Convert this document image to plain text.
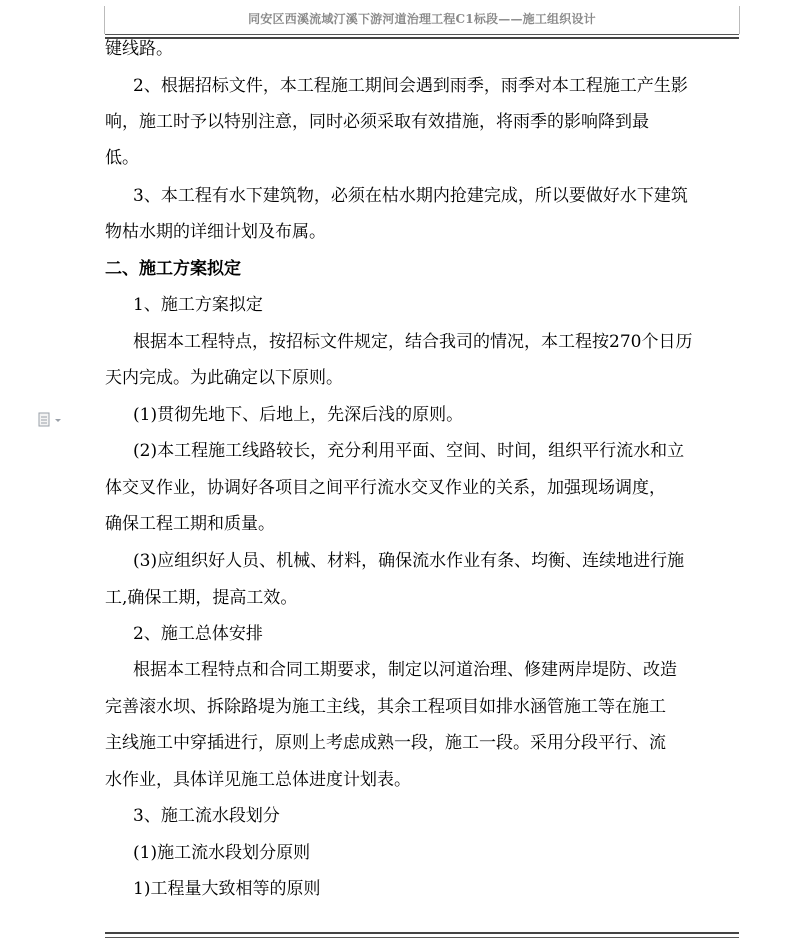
同安区西溪流域汀溪下游河道治理工程C1标段——施工组织设计
键线路。
2、根据招标文件，本工程施工期间会遇到雨季，雨季对本工程施工产生影
响，施工时予以特别注意，同时必须采取有效措施，将雨季的影响降到最
低。
3、本工程有水下建筑物，必须在枯水期内抢建完成，所以要做好水下建筑
物枯水期的详细计划及布属。
二、施工方案拟定
1、施工方案拟定
根据本工程特点，按招标文件规定，结合我司的情况，本工程按270个日历
天内完成。为此确定以下原则。
(1)贯彻先地下、后地上，先深后浅的原则。
(2)本工程施工线路较长，充分利用平面、空间、时间，组织平行流水和立
体交叉作业，协调好各项目之间平行流水交叉作业的关系，加强现场调度，
确保工程工期和质量。
(3)应组织好人员、机械、材料，确保流水作业有条、均衡、连续地进行施
工,确保工期，提高工效。
2、施工总体安排
根据本工程特点和合同工期要求，制定以河道治理、修建两岸堤防、改造
完善滚水坝、拆除路堤为施工主线，其余工程项目如排水涵管施工等在施工
主线施工中穿插进行，原则上考虑成熟一段，施工一段。采用分段平行、流
水作业，具体详见施工总体进度计划表。
3、施工流水段划分
(1)施工流水段划分原则
1)工程量大致相等的原则
